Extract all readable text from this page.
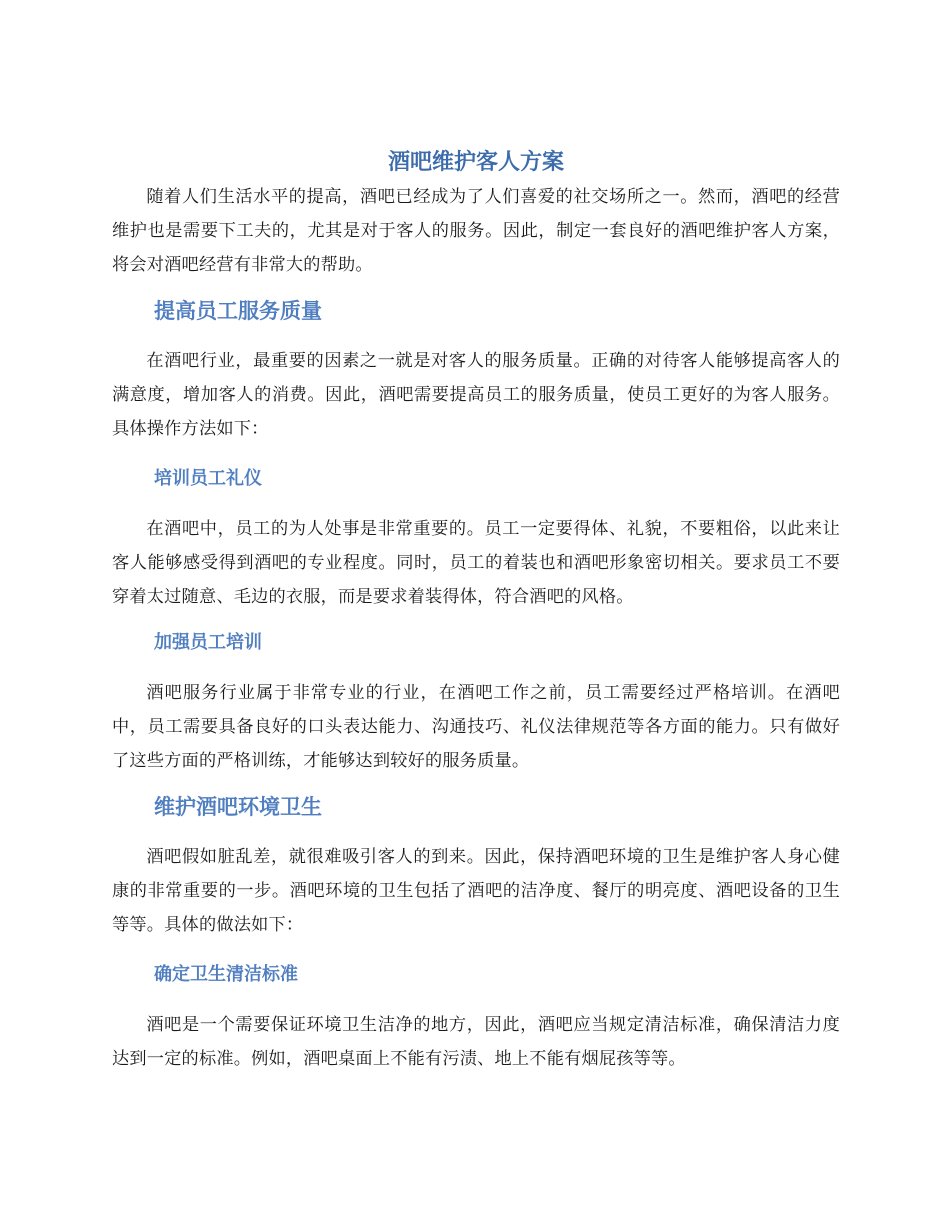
酒吧维护客人方案

随着人们生活水平的提高，酒吧已经成为了人们喜爱的社交场所之一。然而，酒吧的经营维护也是需要下工夫的，尤其是对于客人的服务。因此，制定一套良好的酒吧维护客人方案，将会对酒吧经营有非常大的帮助。

提高员工服务质量

在酒吧行业，最重要的因素之一就是对客人的服务质量。正确的对待客人能够提高客人的满意度，增加客人的消费。因此，酒吧需要提高员工的服务质量，使员工更好的为客人服务。具体操作方法如下：

培训员工礼仪

在酒吧中，员工的为人处事是非常重要的。员工一定要得体、礼貌，不要粗俗，以此来让客人能够感受得到酒吧的专业程度。同时，员工的着装也和酒吧形象密切相关。要求员工不要穿着太过随意、毛边的衣服，而是要求着装得体，符合酒吧的风格。

加强员工培训

酒吧服务行业属于非常专业的行业，在酒吧工作之前，员工需要经过严格培训。在酒吧中，员工需要具备良好的口头表达能力、沟通技巧、礼仪法律规范等各方面的能力。只有做好了这些方面的严格训练，才能够达到较好的服务质量。

维护酒吧环境卫生

酒吧假如脏乱差，就很难吸引客人的到来。因此，保持酒吧环境的卫生是维护客人身心健康的非常重要的一步。酒吧环境的卫生包括了酒吧的洁净度、餐厅的明亮度、酒吧设备的卫生等等。具体的做法如下：

确定卫生清洁标准

酒吧是一个需要保证环境卫生洁净的地方，因此，酒吧应当规定清洁标准，确保清洁力度达到一定的标准。例如，酒吧桌面上不能有污渍、地上不能有烟屁孩等等。
